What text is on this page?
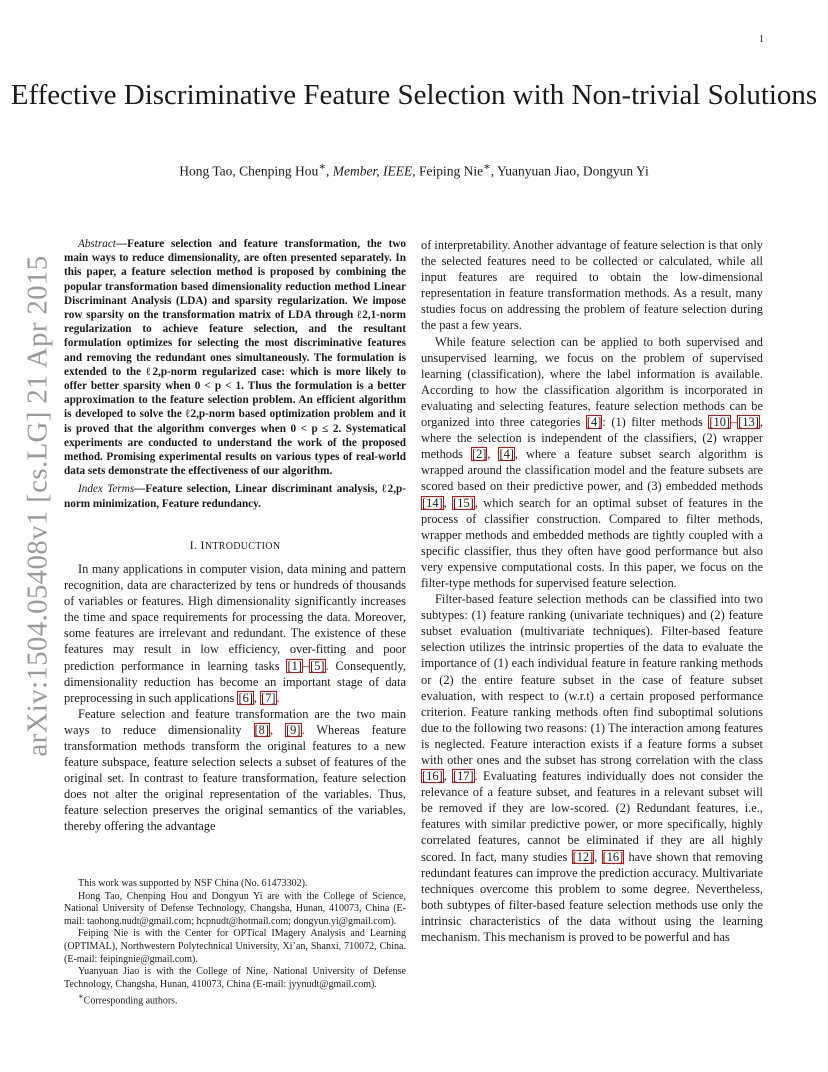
1
arXiv:1504.05408v1 [cs.LG] 21 Apr 2015
Effective Discriminative Feature Selection with Non-trivial Solutions
Hong Tao, Chenping Hou∗, Member, IEEE, Feiping Nie∗, Yuanyuan Jiao, Dongyun Yi

Abstract—Feature selection and feature transformation, the two main ways to reduce dimensionality, are often presented separately. In this paper, a feature selection method is proposed by combining the popular transformation based dimensionality reduction method Linear Discriminant Analysis (LDA) and sparsity regularization. We impose row sparsity on the transformation matrix of LDA through ℓ2,1-norm regularization to achieve feature selection, and the resultant formulation optimizes for selecting the most discriminative features and removing the redundant ones simultaneously. The formulation is extended to the ℓ2,p-norm regularized case: which is more likely to offer better sparsity when 0 < p < 1. Thus the formulation is a better approximation to the feature selection problem. An efficient algorithm is developed to solve the ℓ2,p-norm based optimization problem and it is proved that the algorithm converges when 0 < p ≤ 2. Systematical experiments are conducted to understand the work of the proposed method. Promising experimental results on various types of real-world data sets demonstrate the effectiveness of our algorithm.

Index Terms—Feature selection, Linear discriminant analysis, ℓ2,p-norm minimization, Feature redundancy.

I. INTRODUCTION

In many applications in computer vision, data mining and pattern recognition, data are characterized by tens or hundreds of thousands of variables or features. High dimensionality significantly increases the time and space requirements for processing the data. Moreover, some features are irrelevant and redundant. The existence of these features may result in low efficiency, over-fitting and poor prediction performance in learning tasks [1]–[5]. Consequently, dimensionality reduction has become an important stage of data preprocessing in such applications [6], [7].

Feature selection and feature transformation are the two main ways to reduce dimensionality [8], [9]. Whereas feature transformation methods transform the original features to a new feature subspace, feature selection selects a subset of features of the original set. In contrast to feature transformation, feature selection does not alter the original representation of the variables. Thus, feature selection preserves the original semantics of the variables, thereby offering the advantage

This work was supported by NSF China (No. 61473302).

Hong Tao, Chenping Hou and Dongyun Yi are with the College of Science, National University of Defense Technology, Changsha, Hunan, 410073, China (E-mail: taohong.nudt@gmail.com; hcpnudt@hotmail.com; dongyun.yi@gmail.com).

Feiping Nie is with the Center for OPTical IMagery Analysis and Learning (OPTIMAL), Northwestern Polytechnical University, Xi’an, Shanxi, 710072, China. (E-mail: feipingnie@gmail.com).

Yuanyuan Jiao is with the College of Nine, National University of Defense Technology, Changsha, Hunan, 410073, China (E-mail: jyynudt@gmail.com).

∗Corresponding authors.

of interpretability. Another advantage of feature selection is that only the selected features need to be collected or calculated, while all input features are required to obtain the low-dimensional representation in feature transformation methods. As a result, many studies focus on addressing the problem of feature selection during the past a few years.

While feature selection can be applied to both supervised and unsupervised learning, we focus on the problem of supervised learning (classification), where the label information is available. According to how the classification algorithm is incorporated in evaluating and selecting features, feature selection methods can be organized into three categories [4]: (1) filter methods [10]–[13], where the selection is independent of the classifiers, (2) wrapper methods [2], [4], where a feature subset search algorithm is wrapped around the classification model and the feature subsets are scored based on their predictive power, and (3) embedded methods [14], [15], which search for an optimal subset of features in the process of classifier construction. Compared to filter methods, wrapper methods and embedded methods are tightly coupled with a specific classifier, thus they often have good performance but also very expensive computational costs. In this paper, we focus on the filter-type methods for supervised feature selection.

Filter-based feature selection methods can be classified into two subtypes: (1) feature ranking (univariate techniques) and (2) feature subset evaluation (multivariate techniques). Filter-based feature selection utilizes the intrinsic properties of the data to evaluate the importance of (1) each individual feature in feature ranking methods or (2) the entire feature subset in the case of feature subset evaluation, with respect to (w.r.t) a certain proposed performance criterion. Feature ranking methods often find suboptimal solutions due to the following two reasons: (1) The interaction among features is neglected. Feature interaction exists if a feature forms a subset with other ones and the subset has strong correlation with the class [16], [17]. Evaluating features individually does not consider the relevance of a feature subset, and features in a relevant subset will be removed if they are low-scored. (2) Redundant features, i.e., features with similar predictive power, or more specifically, highly correlated features, cannot be eliminated if they are all highly scored. In fact, many studies [12], [16] have shown that removing redundant features can improve the prediction accuracy. Multivariate techniques overcome this problem to some degree. Nevertheless, both subtypes of filter-based feature selection methods use only the intrinsic characteristics of the data without using the learning mechanism. This mechanism is proved to be powerful and has
